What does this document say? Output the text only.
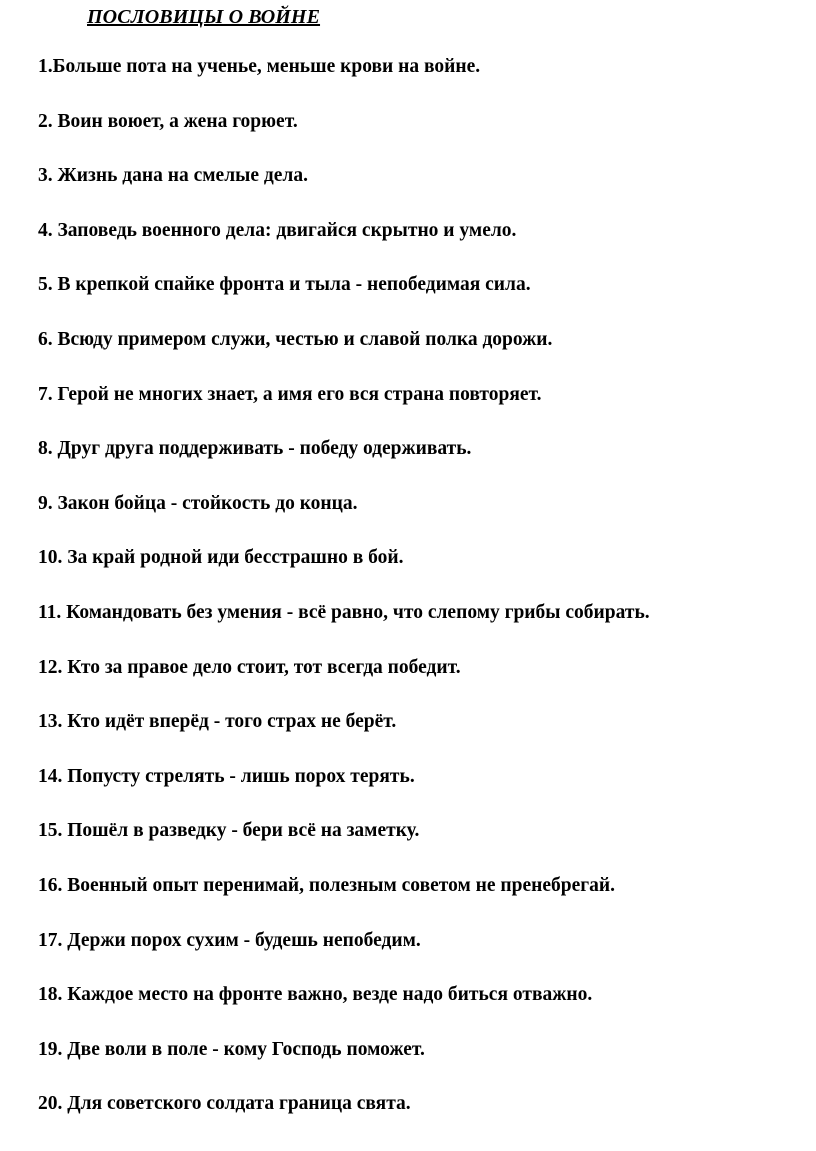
ПОСЛОВИЦЫ О ВОЙНЕ
1.Больше пота на ученье, меньше крови на войне.
2. Воин воюет, а жена горюет.
3. Жизнь дана на смелые дела.
4. Заповедь военного дела: двигайся скрытно и умело.
5. В крепкой спайке фронта и тыла - непобедимая сила.
6. Всюду примером служи, честью и славой полка дорожи.
7. Герой не многих знает, а имя его вся страна повторяет.
8. Друг друга поддерживать - победу одерживать.
9. Закон бойца - стойкость до конца.
10. За край родной иди бесстрашно в бой.
11. Командовать без умения - всё равно, что слепому грибы собирать.
12. Кто за правое дело стоит, тот всегда победит.
13. Кто идёт вперёд - того страх не берёт.
14. Попусту стрелять - лишь порох терять.
15. Пошёл в разведку - бери всё на заметку.
16. Военный опыт перенимай, полезным советом не пренебрегай.
17. Держи порох сухим - будешь непобедим.
18. Каждое место на фронте важно, везде надо биться отважно.
19. Две воли в поле - кому Господь поможет.
20. Для советского солдата граница свята.
